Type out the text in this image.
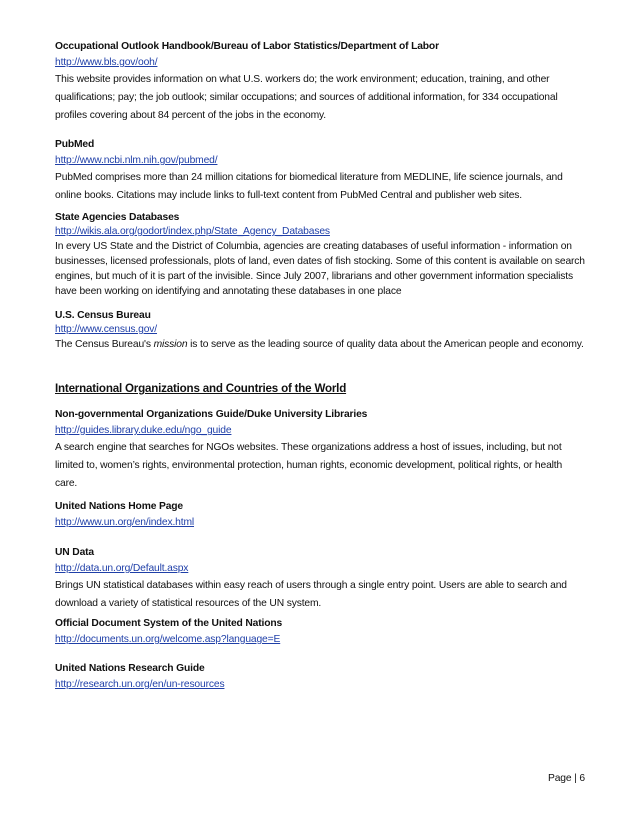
Occupational Outlook Handbook/Bureau of Labor Statistics/Department of Labor
http://www.bls.gov/ooh/
This website provides information on what U.S. workers do; the work environment; education, training, and other qualifications; pay; the job outlook; similar occupations; and sources of additional information, for 334 occupational profiles covering about 84 percent of the jobs in the economy.
PubMed
http://www.ncbi.nlm.nih.gov/pubmed/
PubMed comprises more than 24 million citations for biomedical literature from MEDLINE, life science journals, and online books. Citations may include links to full-text content from PubMed Central and publisher web sites.
State Agencies Databases
http://wikis.ala.org/godort/index.php/State_Agency_Databases
In every US State and the District of Columbia, agencies are creating databases of useful information - information on businesses, licensed professionals, plots of land, even dates of fish stocking. Some of this content is available on search engines, but much of it is part of the invisible. Since July 2007, librarians and other government information specialists have been working on identifying and annotating these databases in one place
U.S. Census Bureau
http://www.census.gov/
The Census Bureau's mission is to serve as the leading source of quality data about the American people and economy.
International Organizations and Countries of the World
Non-governmental Organizations Guide/Duke University Libraries
http://guides.library.duke.edu/ngo_guide
A search engine that searches for NGOs websites. These organizations address a host of issues, including, but not limited to, women’s rights, environmental protection, human rights, economic development, political rights, or health care.
United Nations Home Page
http://www.un.org/en/index.html
UN Data
http://data.un.org/Default.aspx
Brings UN statistical databases within easy reach of users through a single entry point. Users are able to search and download a variety of statistical resources of the UN system.
Official Document System of the United Nations
http://documents.un.org/welcome.asp?language=E
United Nations Research Guide
http://research.un.org/en/un-resources
Page | 6
